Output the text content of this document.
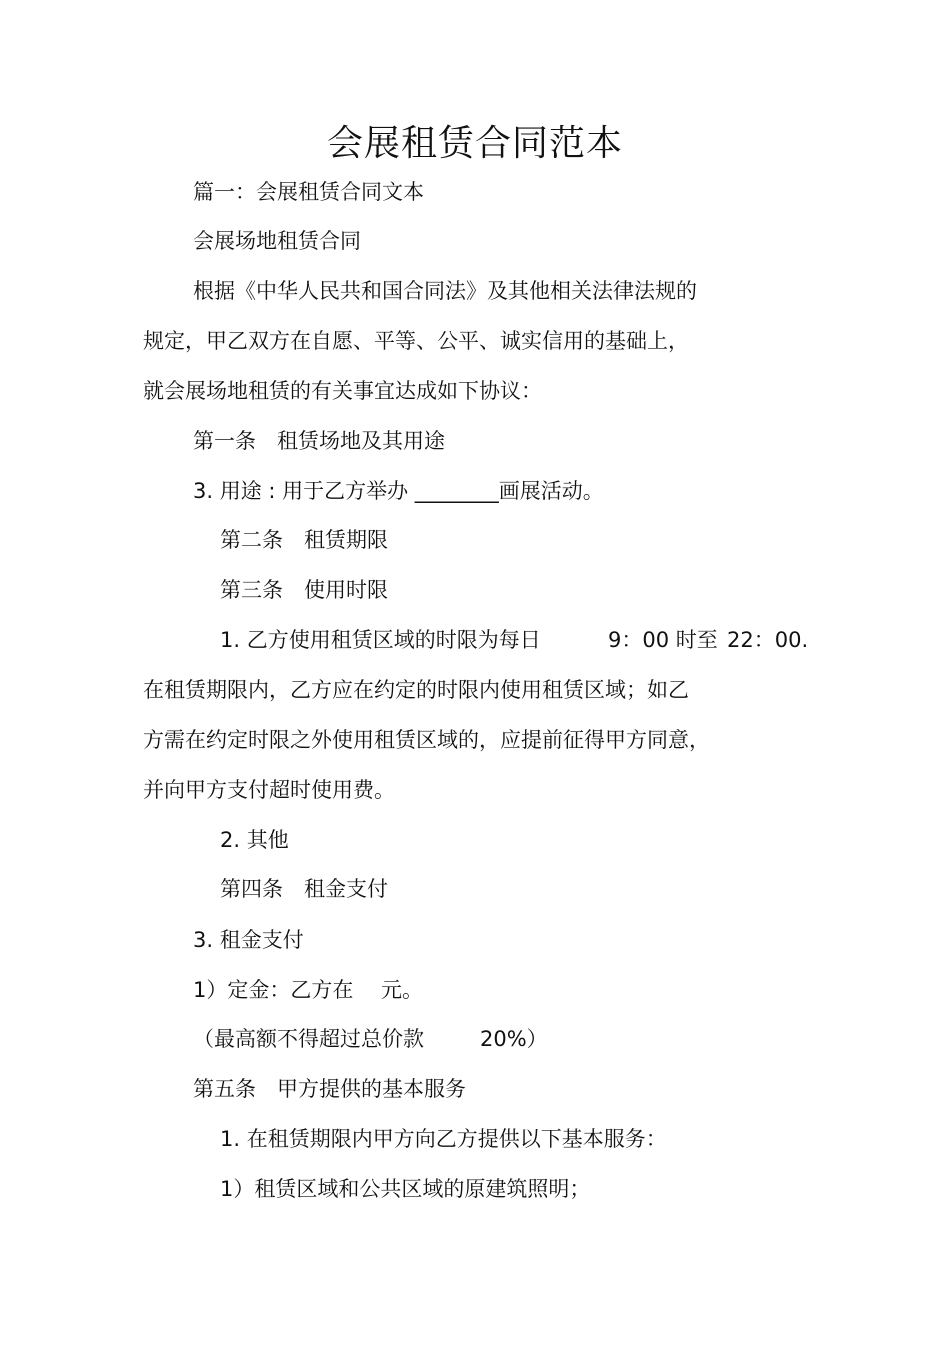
会展租赁合同范本
篇一：会展租赁合同文本
会展场地租赁合同
根据《中华人民共和国合同法》及其他相关法律法规的
规定，甲乙双方在自愿、平等、公平、诚实信用的基础上，
就会展场地租赁的有关事宜达成如下协议：
第一条　租赁场地及其用途
3. 用途 : 用于乙方举办 ________画展活动。
第二条　租赁期限
第三条　使用时限
1. 乙方使用租赁区域的时限为每日	9：00 时至 22：00.
在租赁期限内，乙方应在约定的时限内使用租赁区域；如乙
方需在约定时限之外使用租赁区域的，应提前征得甲方同意，
并向甲方支付超时使用费。
2. 其他
第四条　租金支付
3. 租金支付
1）定金：乙方在　 元。
（最高额不得超过总价款	20%）
第五条　甲方提供的基本服务
1. 在租赁期限内甲方向乙方提供以下基本服务：
1）租赁区域和公共区域的原建筑照明；
